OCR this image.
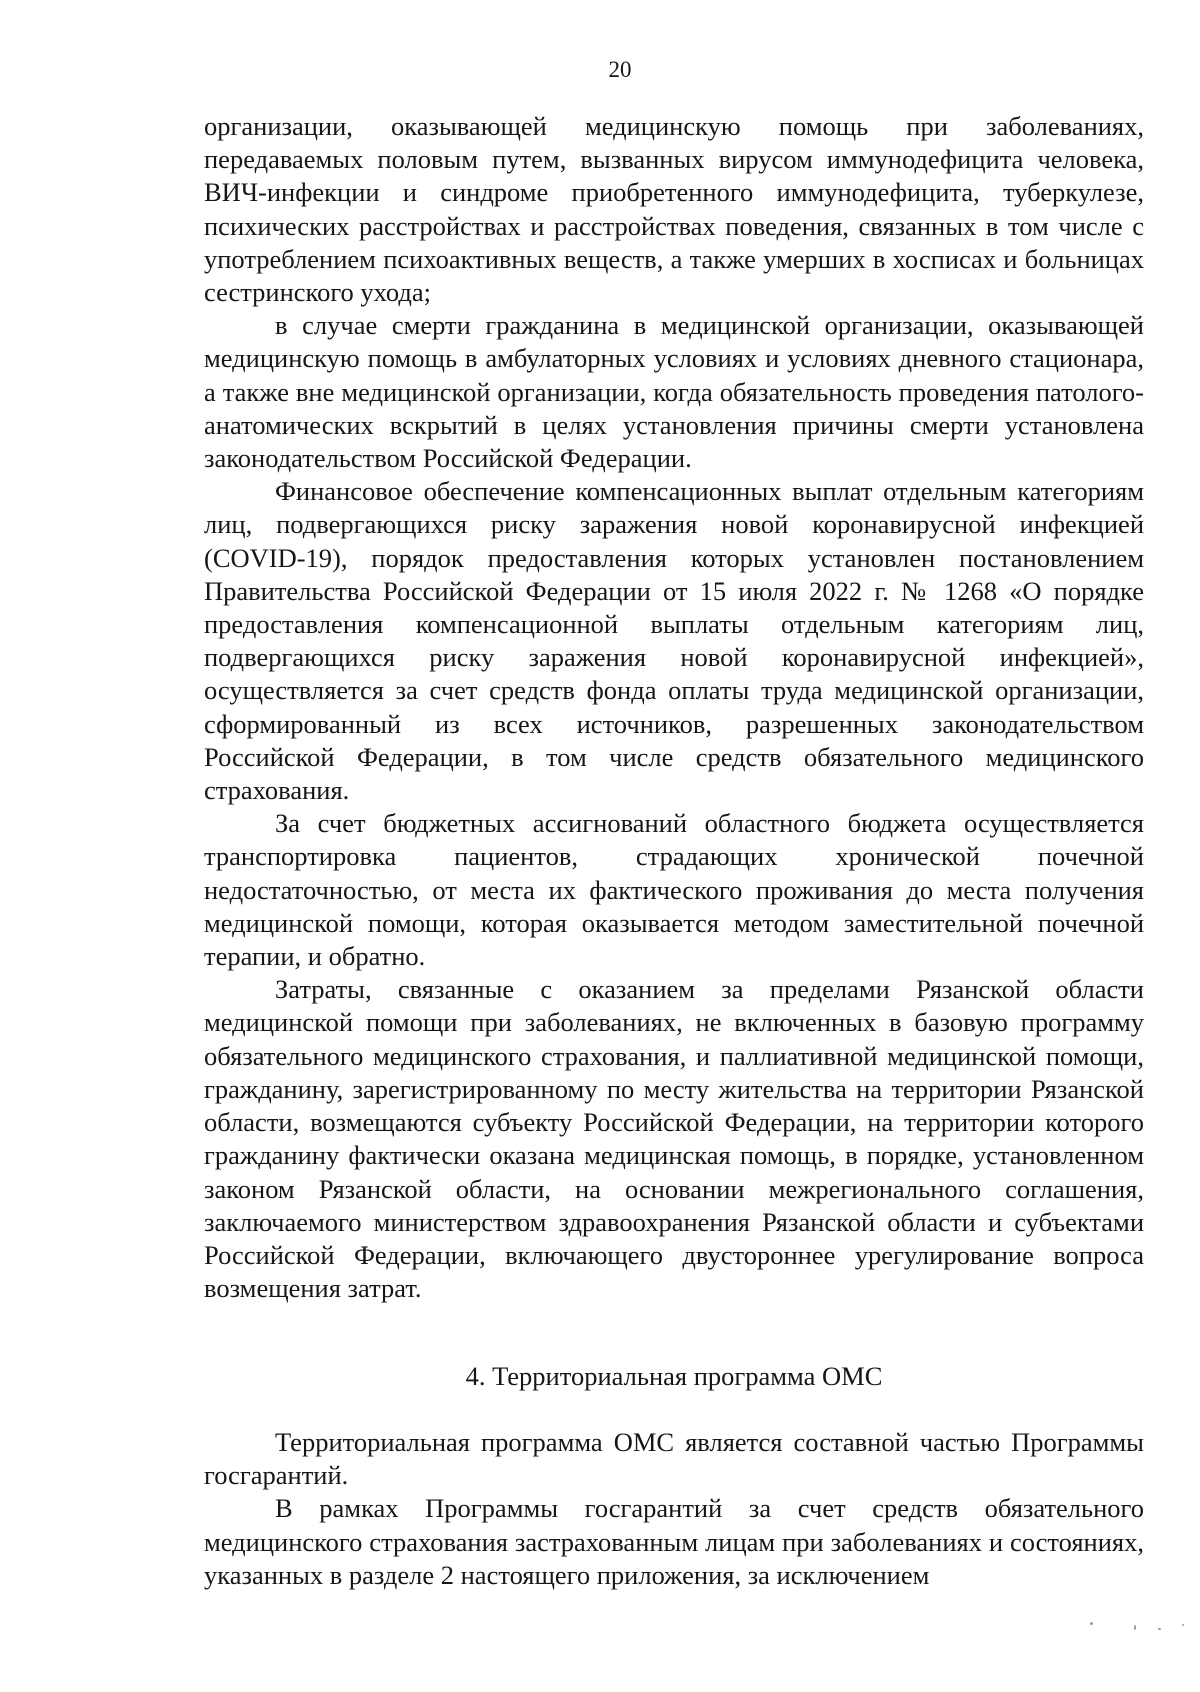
20

организации, оказывающей медицинскую помощь при заболеваниях, передаваемых половым путем, вызванных вирусом иммунодефицита человека, ВИЧ-инфекции и синдроме приобретенного иммунодефицита, туберкулезе, психических расстройствах и расстройствах поведения, связанных в том числе с употреблением психоактивных веществ, а также умерших в хосписах и больницах сестринского ухода;

в случае смерти гражданина в медицинской организации, оказывающей медицинскую помощь в амбулаторных условиях и условиях дневного стационара, а также вне медицинской организации, когда обязательность проведения патолого-анатомических вскрытий в целях установления причины смерти установлена законодательством Российской Федерации.

Финансовое обеспечение компенсационных выплат отдельным категориям лиц, подвергающихся риску заражения новой коронавирусной инфекцией (COVID-19), порядок предоставления которых установлен постановлением Правительства Российской Федерации от 15 июля 2022 г. № 1268 «О порядке предоставления компенсационной выплаты отдельным категориям лиц, подвергающихся риску заражения новой коронавирусной инфекцией», осуществляется за счет средств фонда оплаты труда медицинской организации, сформированный из всех источников, разрешенных законодательством Российской Федерации, в том числе средств обязательного медицинского страхования.

За счет бюджетных ассигнований областного бюджета осуществляется транспортировка пациентов, страдающих хронической почечной недостаточностью, от места их фактического проживания до места получения медицинской помощи, которая оказывается методом заместительной почечной терапии, и обратно.

Затраты, связанные с оказанием за пределами Рязанской области медицинской помощи при заболеваниях, не включенных в базовую программу обязательного медицинского страхования, и паллиативной медицинской помощи, гражданину, зарегистрированному по месту жительства на территории Рязанской области, возмещаются субъекту Российской Федерации, на территории которого гражданину фактически оказана медицинская помощь, в порядке, установленном законом Рязанской области, на основании межрегионального соглашения, заключаемого министерством здравоохранения Рязанской области и субъектами Российской Федерации, включающего двустороннее урегулирование вопроса возмещения затрат.

4. Территориальная программа ОМС

Территориальная программа ОМС является составной частью Программы госгарантий.

В рамках Программы госгарантий за счет средств обязательного медицинского страхования застрахованным лицам при заболеваниях и состояниях, указанных в разделе 2 настоящего приложения, за исключением
